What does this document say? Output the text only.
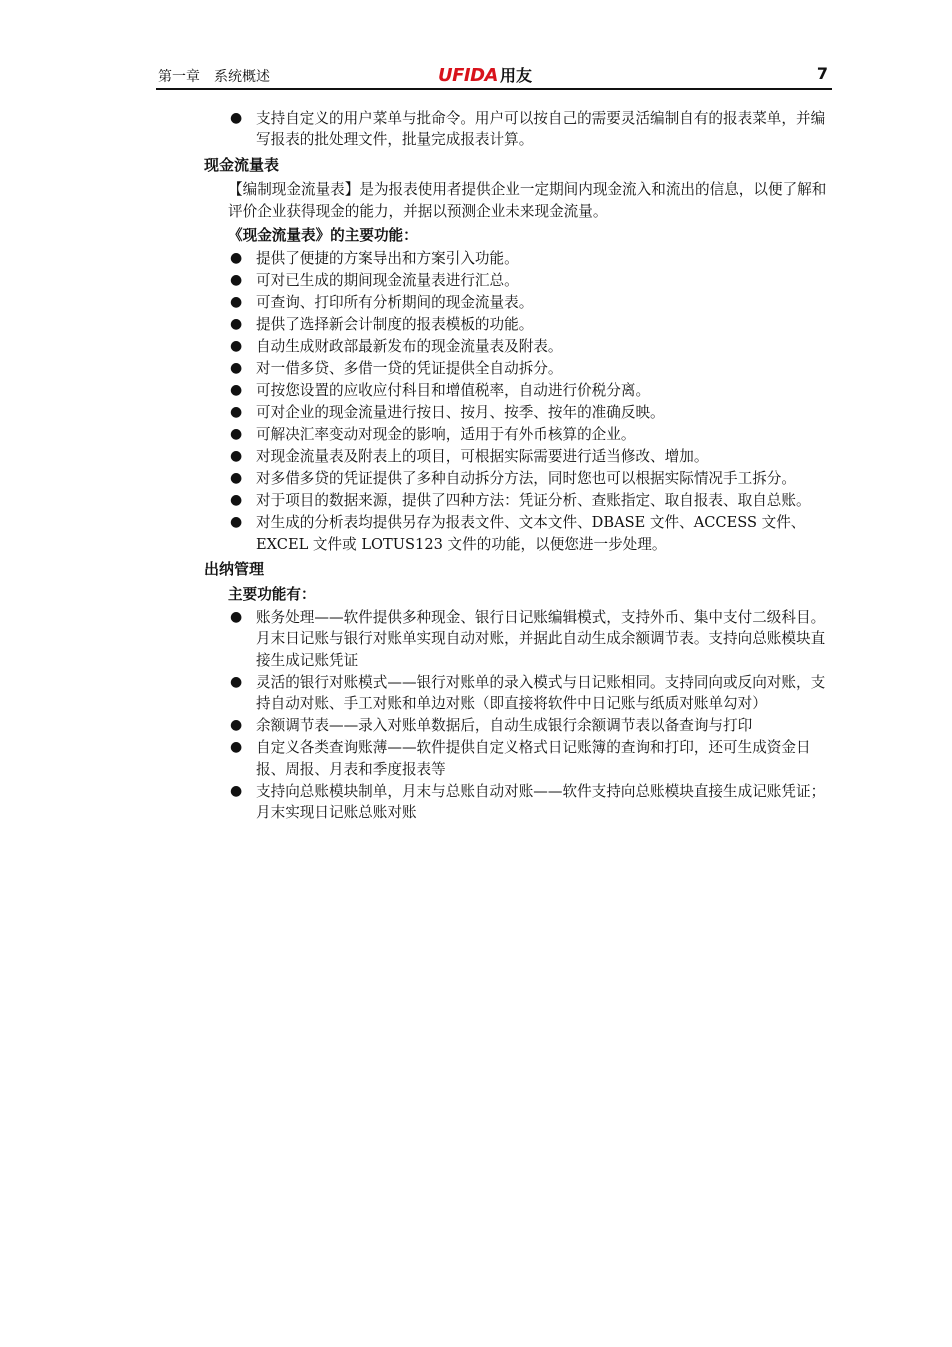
第一章　系统概述	UFIDA 用友	7
● 支持自定义的用户菜单与批命令。用户可以按自己的需要灵活编制自有的报表菜单，并编写报表的批处理文件，批量完成报表计算。
现金流量表
【编制现金流量表】是为报表使用者提供企业一定期间内现金流入和流出的信息，以便了解和评价企业获得现金的能力，并据以预测企业未来现金流量。
《现金流量表》的主要功能：
● 提供了便捷的方案导出和方案引入功能。
● 可对已生成的期间现金流量表进行汇总。
● 可查询、打印所有分析期间的现金流量表。
● 提供了选择新会计制度的报表模板的功能。
● 自动生成财政部最新发布的现金流量表及附表。
● 对一借多贷、多借一贷的凭证提供全自动拆分。
● 可按您设置的应收应付科目和增值税率，自动进行价税分离。
● 可对企业的现金流量进行按日、按月、按季、按年的准确反映。
● 可解决汇率变动对现金的影响，适用于有外币核算的企业。
● 对现金流量表及附表上的项目，可根据实际需要进行适当修改、增加。
● 对多借多贷的凭证提供了多种自动拆分方法，同时您也可以根据实际情况手工拆分。
● 对于项目的数据来源，提供了四种方法：凭证分析、查账指定、取自报表、取自总账。
● 对生成的分析表均提供另存为报表文件、文本文件、DBASE 文件、ACCESS 文件、EXCEL 文件或 LOTUS123 文件的功能，以便您进一步处理。
出纳管理
主要功能有：
● 账务处理——软件提供多种现金、银行日记账编辑模式，支持外币、集中支付二级科目。月末日记账与银行对账单实现自动对账，并据此自动生成余额调节表。支持向总账模块直接生成记账凭证
● 灵活的银行对账模式——银行对账单的录入模式与日记账相同。支持同向或反向对账，支持自动对账、手工对账和单边对账（即直接将软件中日记账与纸质对账单勾对）
● 余额调节表——录入对账单数据后，自动生成银行余额调节表以备查询与打印
● 自定义各类查询账薄——软件提供自定义格式日记账簿的查询和打印，还可生成资金日报、周报、月表和季度报表等
● 支持向总账模块制单，月末与总账自动对账——软件支持向总账模块直接生成记账凭证；月末实现日记账总账对账
